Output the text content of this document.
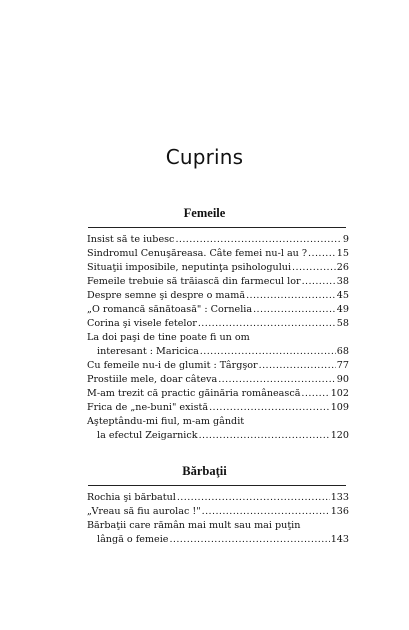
Cuprins
Femeile
Insist să te iubesc .....	9
Sindromul Cenuşăreasa. Câte femei nu-l au ? .....	15
Situaţii imposibile, neputinţa psihologului .....	26
Femeile trebuie să trăiască din farmecul lor .....	38
Despre semne şi despre o mamă .....	45
„O romancă sănătoasă" : Cornelia .....	49
Corina şi visele fetelor .....	58
La doi paşi de tine poate fi un om
interesant : Maricica .....	68
Cu femeile nu-i de glumit : Târgşor .....	77
Prostiile mele, doar câteva .....	90
M-am trezit că practic găinăria românească .....	102
Frica de „ne-buni" există .....	109
Aşteptându-mi fiul, m-am gândit
la efectul Zeigarnick .....	120
Bărbaţii
Rochia şi bărbatul .....	133
„Vreau să fiu aurolac !" .....	136
Bărbaţii care rămân mai mult sau mai puţin
lângă o femeie .....	143
